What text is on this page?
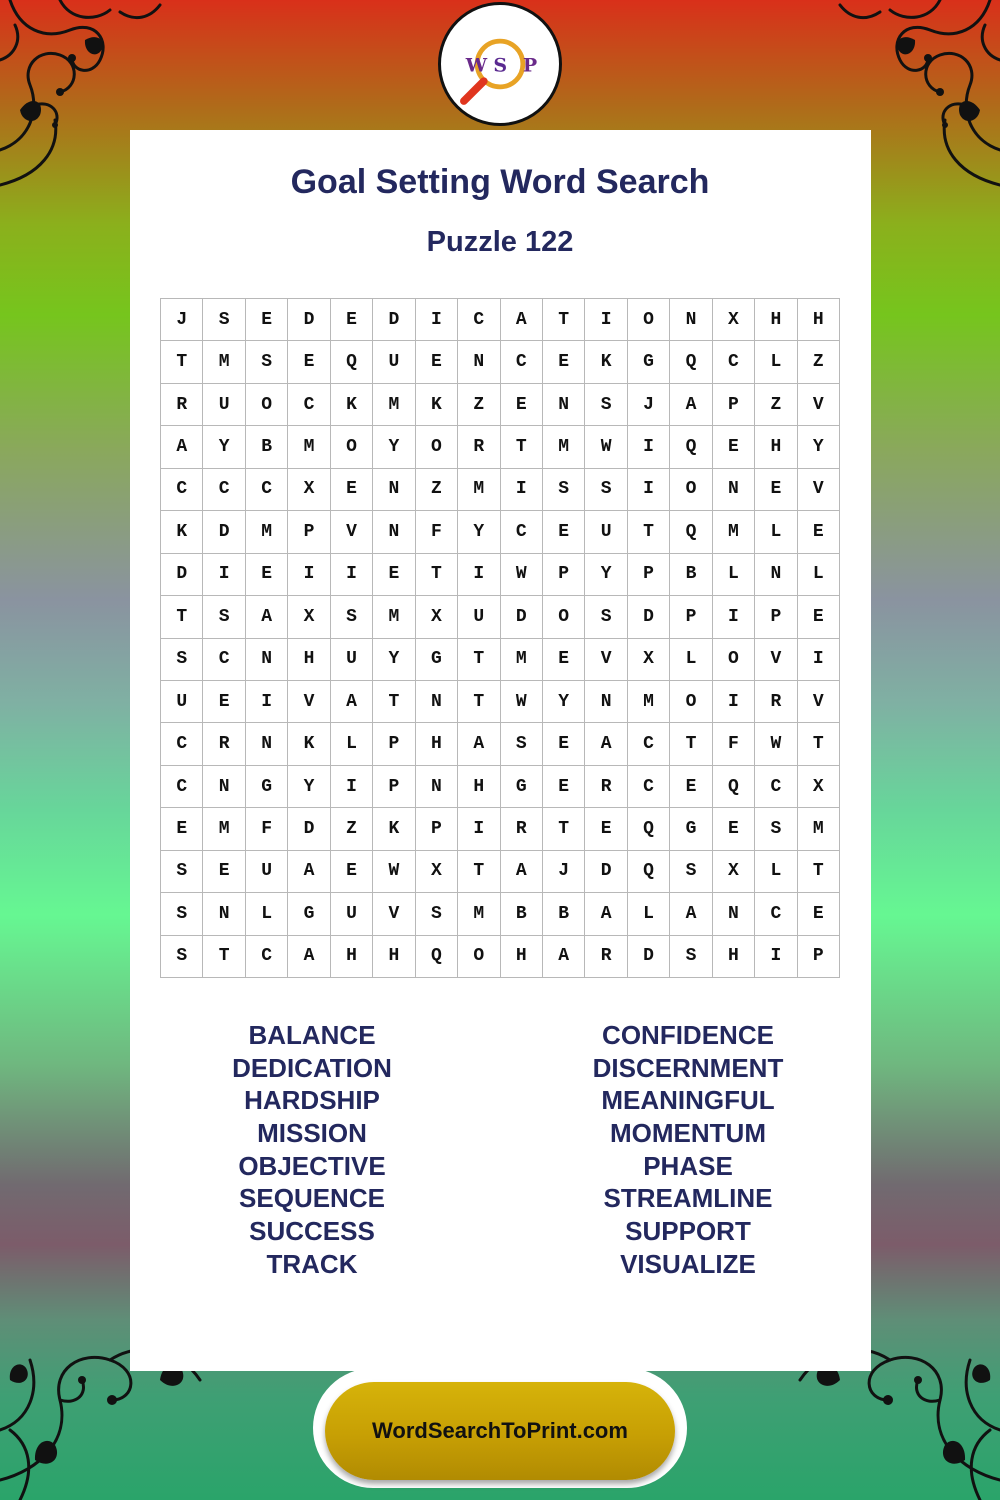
W S P
Goal Setting Word Search
Puzzle 122
J	S	E	D	E	D	I	C	A	T	I	O	N	X	H	H
T	M	S	E	Q	U	E	N	C	E	K	G	Q	C	L	Z
R	U	O	C	K	M	K	Z	E	N	S	J	A	P	Z	V
A	Y	B	M	O	Y	O	R	T	M	W	I	Q	E	H	Y
C	C	C	X	E	N	Z	M	I	S	S	I	O	N	E	V
K	D	M	P	V	N	F	Y	C	E	U	T	Q	M	L	E
D	I	E	I	I	E	T	I	W	P	Y	P	B	L	N	L
T	S	A	X	S	M	X	U	D	O	S	D	P	I	P	E
S	C	N	H	U	Y	G	T	M	E	V	X	L	O	V	I
U	E	I	V	A	T	N	T	W	Y	N	M	O	I	R	V
C	R	N	K	L	P	H	A	S	E	A	C	T	F	W	T
C	N	G	Y	I	P	N	H	G	E	R	C	E	Q	C	X
E	M	F	D	Z	K	P	I	R	T	E	Q	G	E	S	M
S	E	U	A	E	W	X	T	A	J	D	Q	S	X	L	T
S	N	L	G	U	V	S	M	B	B	A	L	A	N	C	E
S	T	C	A	H	H	Q	O	H	A	R	D	S	H	I	P
BALANCE
DEDICATION
HARDSHIP
MISSION
OBJECTIVE
SEQUENCE
SUCCESS
TRACK
CONFIDENCE
DISCERNMENT
MEANINGFUL
MOMENTUM
PHASE
STREAMLINE
SUPPORT
VISUALIZE
WordSearchToPrint.com
